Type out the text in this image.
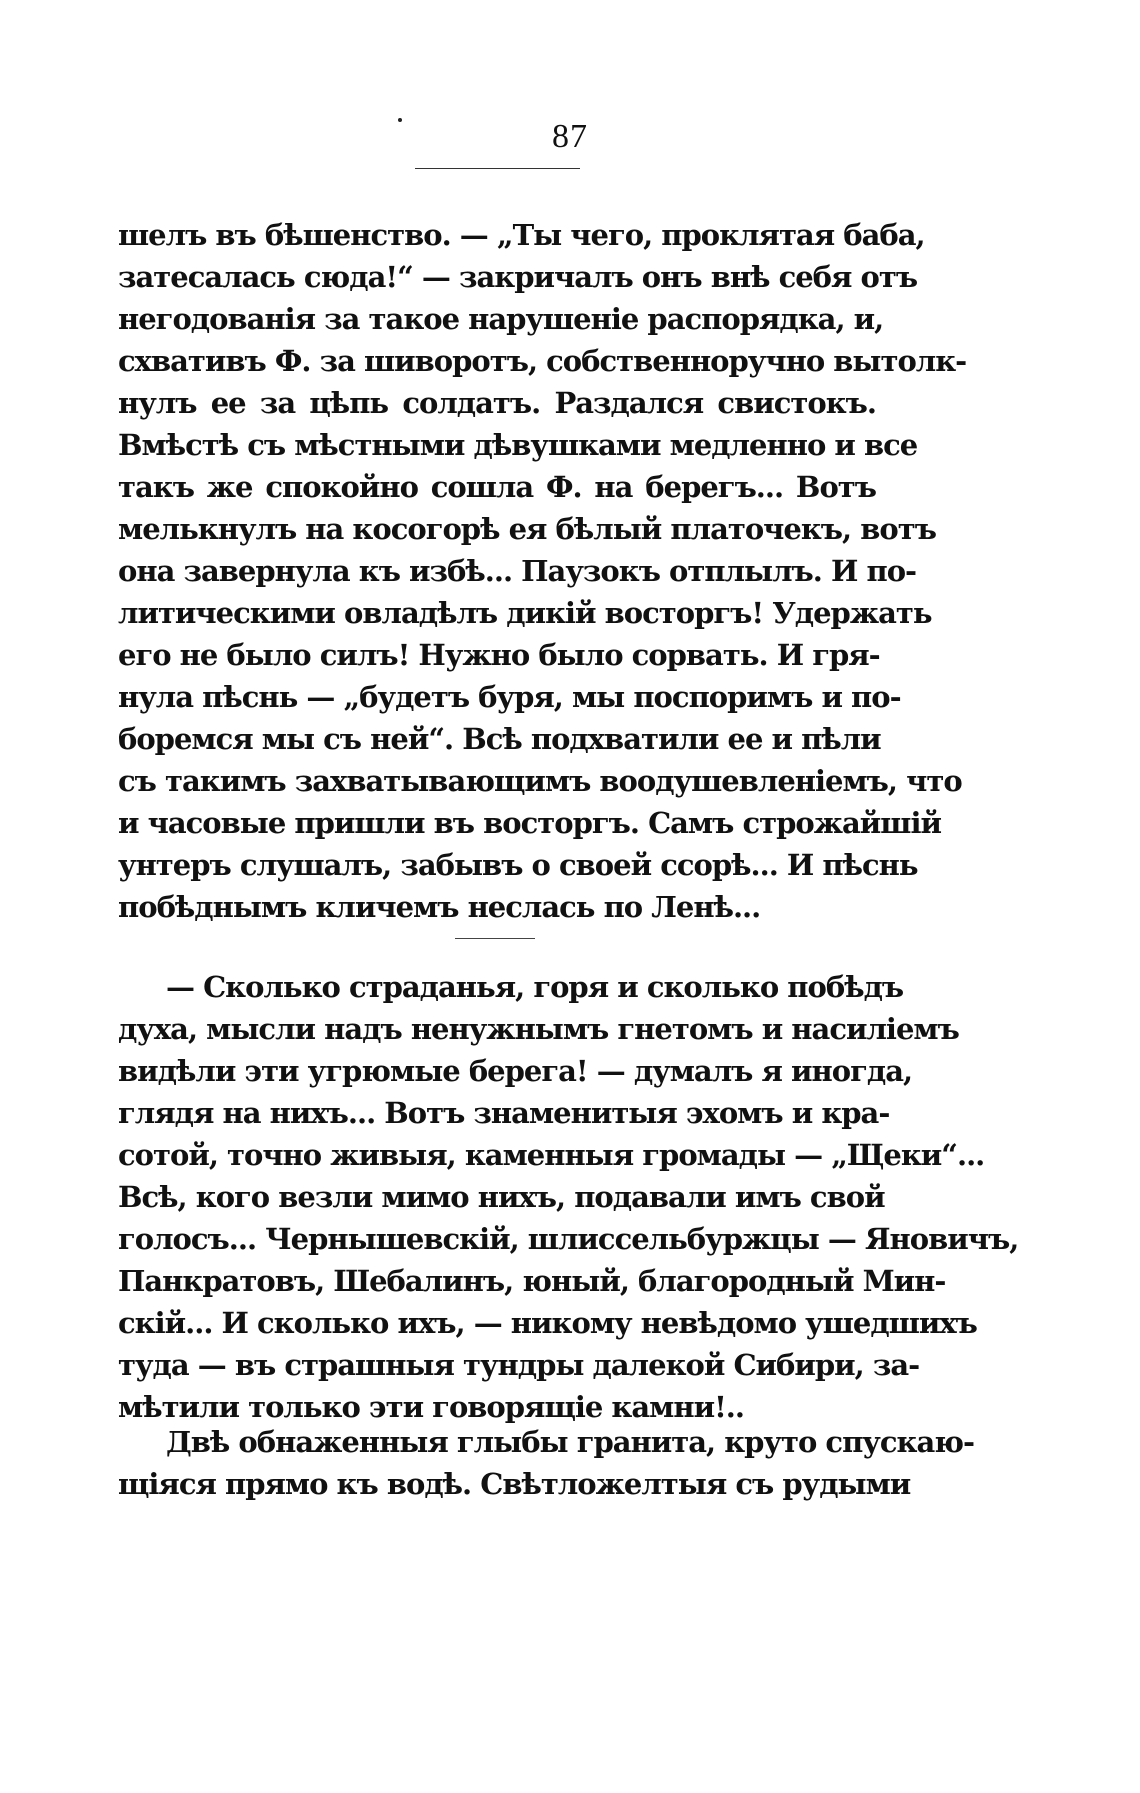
87
шелъ въ бѣшенство. — „Ты чего, проклятая баба,
затесалась сюда!“ — закричалъ онъ внѣ себя отъ
негодованія за такое нарушеніе распорядка, и,
схвативъ Ф. за шиворотъ, собственноручно вытолк-
нулъ ее за цѣпь солдатъ. Раздался свистокъ.
Вмѣстѣ съ мѣстными дѣвушками медленно и все
такъ же спокойно сошла Ф. на берегъ... Вотъ
мелькнулъ на косогорѣ ея бѣлый платочекъ, вотъ
она завернула къ избѣ... Паузокъ отплылъ. И по-
литическими овладѣлъ дикій восторгъ! Удержать
его не было силъ! Нужно было сорвать. И гря-
нула пѣснь — „будетъ буря, мы поспоримъ и по-
боремся мы съ ней“. Всѣ подхватили ее и пѣли
съ такимъ захватывающимъ воодушевленіемъ, что
и часовые пришли въ восторгъ. Самъ строжайшій
унтеръ слушалъ, забывъ о своей ссорѣ... И пѣснь
побѣднымъ кличемъ неслась по Ленѣ...
— Сколько страданья, горя и сколько побѣдъ
духа, мысли надъ ненужнымъ гнетомъ и насиліемъ
видѣли эти угрюмые берега! — думалъ я иногда,
глядя на нихъ... Вотъ знаменитыя эхомъ и кра-
сотой, точно живыя, каменныя громады — „Щеки“...
Всѣ, кого везли мимо нихъ, подавали имъ свой
голосъ... Чернышевскій, шлиссельбуржцы — Яновичъ,
Панкратовъ, Шебалинъ, юный, благородный Мин-
скій... И сколько ихъ, — никому невѣдомо ушедшихъ
туда — въ страшныя тундры далекой Сибири, за-
мѣтили только эти говорящіе камни!..
Двѣ обнаженныя глыбы гранита, круто спускаю-
щіяся прямо къ водѣ. Свѣтложелтыя съ рудыми
